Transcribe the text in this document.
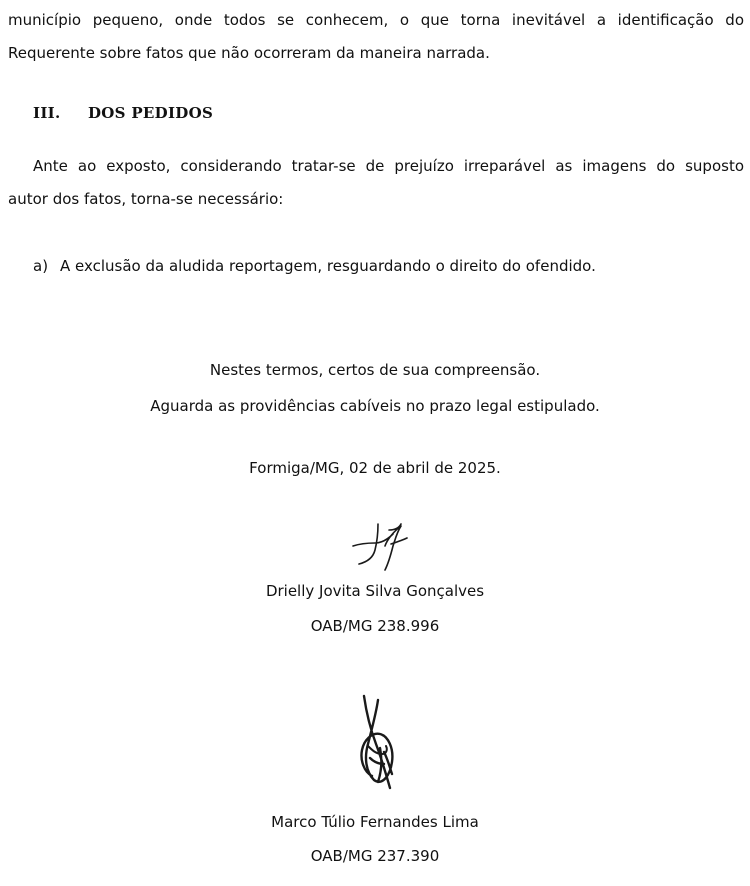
município pequeno, onde todos se conhecem, o que torna inevitável a identificação do
Requerente sobre fatos que não ocorreram da maneira narrada.

III. DOS PEDIDOS

Ante ao exposto, considerando tratar-se de prejuízo irreparável as imagens do suposto
autor dos fatos, torna-se necessário:

a) A exclusão da aludida reportagem, resguardando o direito do ofendido.

Nestes termos, certos de sua compreensão.

Aguarda as providências cabíveis no prazo legal estipulado.

Formiga/MG, 02 de abril de 2025.

Drielly Jovita Silva Gonçalves

OAB/MG 238.996

Marco Túlio Fernandes Lima

OAB/MG 237.390
